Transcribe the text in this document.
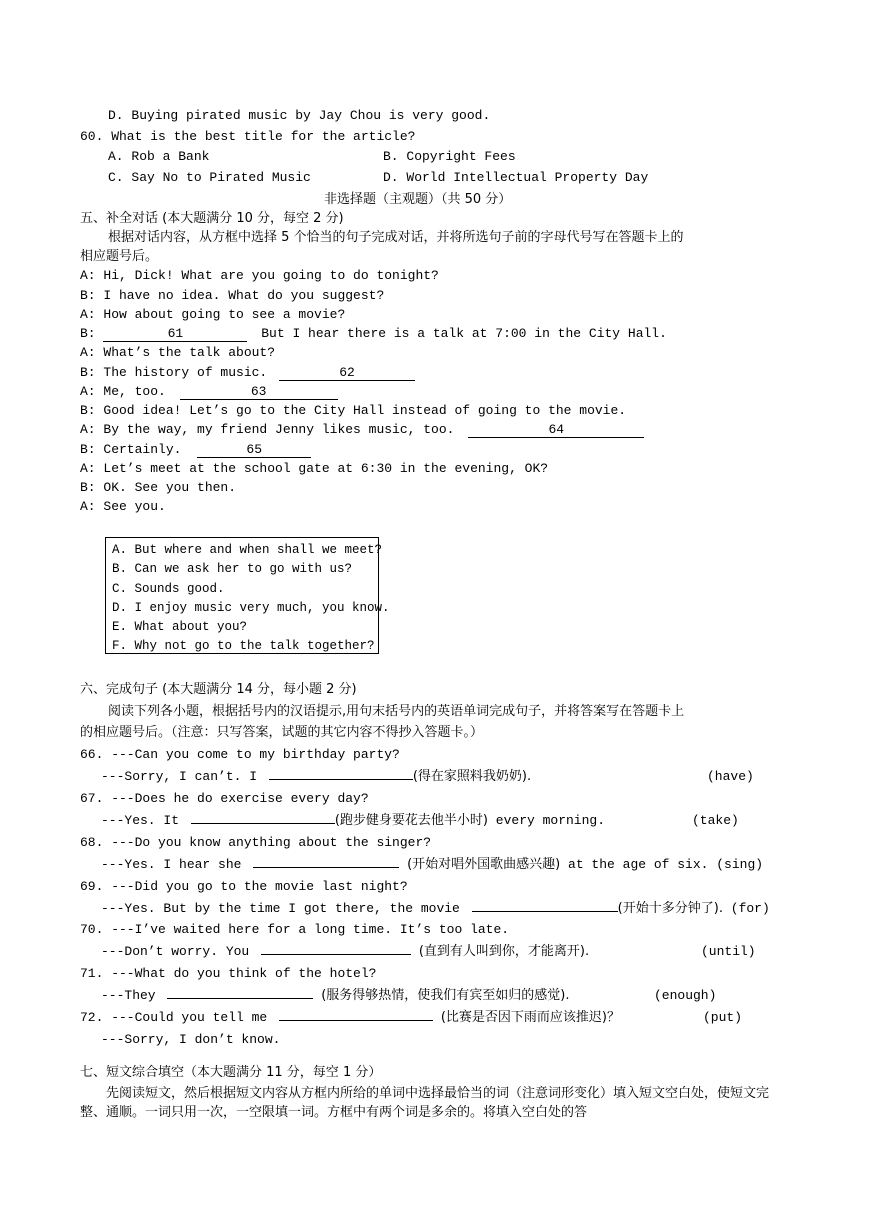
D. Buying pirated music by Jay Chou is very good.
60. What is the best title for the article?
A. Rob a Bank	B. Copyright Fees
C. Say No to Pirated Music	D. World Intellectual Property Day
非选择题（主观题）（共 50 分）
五、补全对话 (本大题满分 10 分，每空 2 分)
根据对话内容，从方框中选择 5 个恰当的句子完成对话，并将所选句子前的字母代号写在答题卡上的
相应题号后。
A: Hi, Dick! What are you going to do tonight?
B: I have no idea. What do you suggest?
A: How about going to see a movie?
B:	61	But I hear there is a talk at 7:00 in the City Hall.
A: What’s the talk about?
B: The history of music.	62
A: Me, too.	63
B: Good idea! Let’s go to the City Hall instead of going to the movie.
A: By the way, my friend Jenny likes music, too.	64
B: Certainly.	65
A: Let’s meet at the school gate at 6:30 in the evening, OK?
B: OK. See you then.
A: See you.
A. But where and when shall we meet?
B. Can we ask her to go with us?
C. Sounds good.
D. I enjoy music very much, you know.
E. What about you?
F. Why not go to the talk together?
六、完成句子 (本大题满分 14 分，每小题 2 分)
阅读下列各小题，根据括号内的汉语提示,用句末括号内的英语单词完成句子，并将答案写在答题卡上
的相应题号后。（注意：只写答案，试题的其它内容不得抄入答题卡。）
66. ---Can you come to my birthday party?
---Sorry, I can’t. I	(得在家照料我奶奶).	(have)
67. ---Does he do exercise every day?
---Yes. It	(跑步健身要花去他半小时) every morning.	(take)
68. ---Do you know anything about the singer?
---Yes. I hear she	(开始对唱外国歌曲感兴趣) at the age of six. (sing)
69. ---Did you go to the movie last night?
---Yes. But by the time I got there, the movie	(开始十多分钟了). (for)
70. ---I’ve waited here for a long time. It’s too late.
---Don’t worry. You	(直到有人叫到你，才能离开).	(until)
71. ---What do you think of the hotel?
---They	(服务得够热情，使我们有宾至如归的感觉).	(enough)
72. ---Could you tell me	(比赛是否因下雨而应该推迟)？	(put)
---Sorry, I don’t know.
七、短文综合填空（本大题满分 11 分，每空 1 分）
先阅读短文，然后根据短文内容从方框内所给的单词中选择最恰当的词（注意词形变化）填入短文空白处，使短文完整、通顺。一词只用一次，一空限填一词。方框中有两个词是多余的。将填入空白处的答
